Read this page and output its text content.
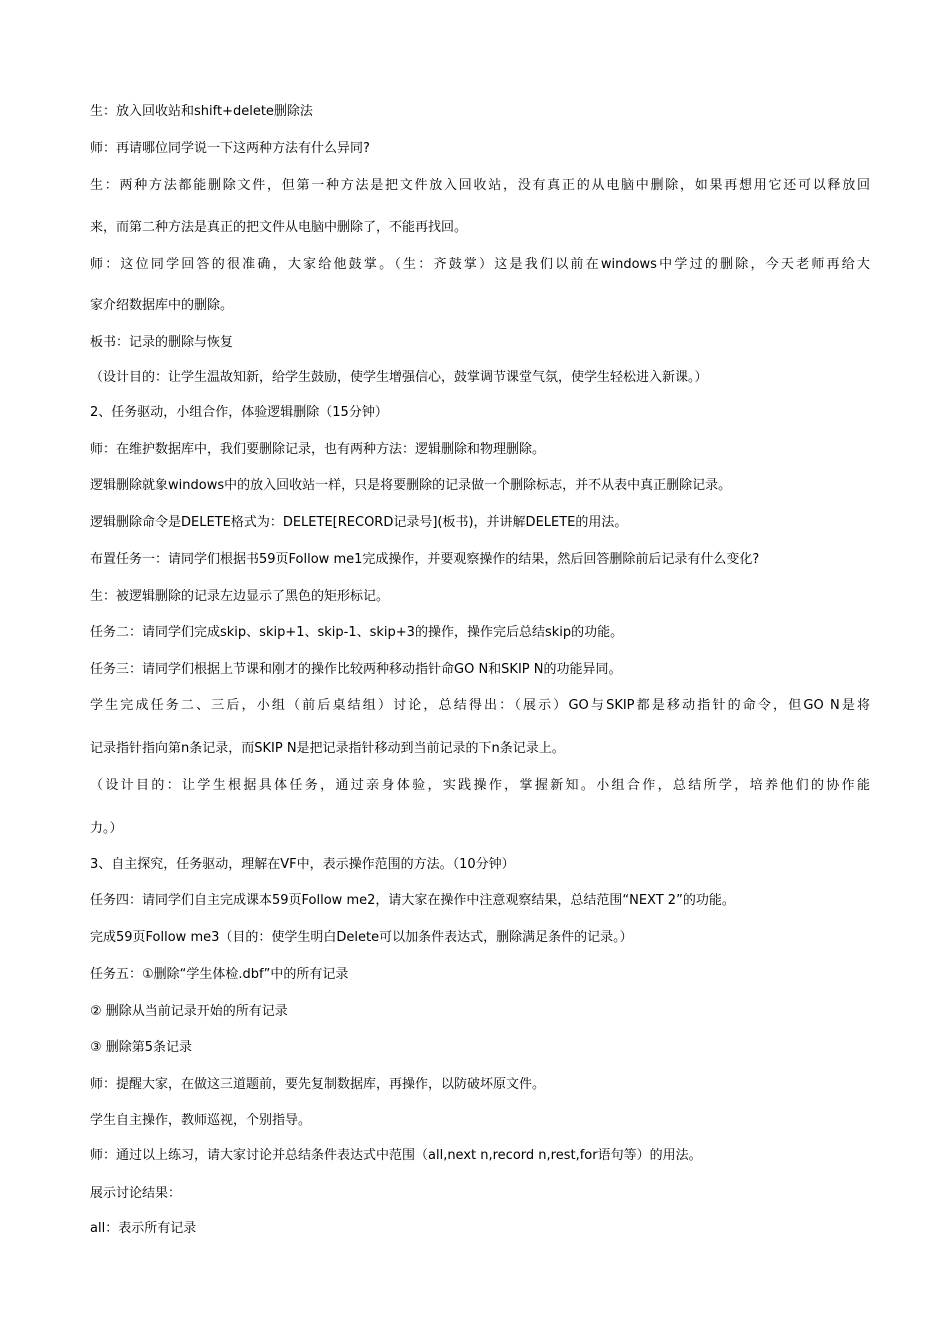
生：放入回收站和shift+delete删除法
师：再请哪位同学说一下这两种方法有什么异同?
生：两种方法都能删除文件，但第一种方法是把文件放入回收站，没有真正的从电脑中删除，如果再想用它还可以释放回
来，而第二种方法是真正的把文件从电脑中删除了，不能再找回。
师：这位同学回答的很准确，大家给他鼓掌。（生：齐鼓掌）这是我们以前在windows中学过的删除，今天老师再给大
家介绍数据库中的删除。
板书：记录的删除与恢复
（设计目的：让学生温故知新，给学生鼓励，使学生增强信心，鼓掌调节课堂气氛，使学生轻松进入新课。）
2、任务驱动，小组合作，体验逻辑删除（15分钟）
师：在维护数据库中，我们要删除记录，也有两种方法：逻辑删除和物理删除。
逻辑删除就象windows中的放入回收站一样，只是将要删除的记录做一个删除标志，并不从表中真正删除记录。
逻辑删除命令是DELETE格式为：DELETE[RECORD记录号](板书)，并讲解DELETE的用法。
布置任务一：请同学们根据书59页Follow me1完成操作，并要观察操作的结果，然后回答删除前后记录有什么变化?
生：被逻辑删除的记录左边显示了黑色的矩形标记。
任务二：请同学们完成skip、skip+1、skip-1、skip+3的操作，操作完后总结skip的功能。
任务三：请同学们根据上节课和刚才的操作比较两种移动指针命GO N和SKIP N的功能异同。
学生完成任务二、三后，小组（前后桌结组）讨论，总结得出：（展示）GO与SKIP都是移动指针的命令，但GO N是将
记录指针指向第n条记录，而SKIP N是把记录指针移动到当前记录的下n条记录上。
（设计目的：让学生根据具体任务，通过亲身体验，实践操作，掌握新知。小组合作，总结所学，培养他们的协作能
力。）
3、自主探究，任务驱动，理解在VF中，表示操作范围的方法。（10分钟）
任务四：请同学们自主完成课本59页Follow me2，请大家在操作中注意观察结果，总结范围“NEXT 2”的功能。
完成59页Follow me3（目的：使学生明白Delete可以加条件表达式，删除满足条件的记录。）
任务五：①删除“学生体检.dbf”中的所有记录
② 删除从当前记录开始的所有记录
③ 删除第5条记录
师：提醒大家，在做这三道题前，要先复制数据库，再操作，以防破坏原文件。
学生自主操作，教师巡视，个别指导。
师：通过以上练习，请大家讨论并总结条件表达式中范围（all,next n,record n,rest,for语句等）的用法。
展示讨论结果：
all：表示所有记录
